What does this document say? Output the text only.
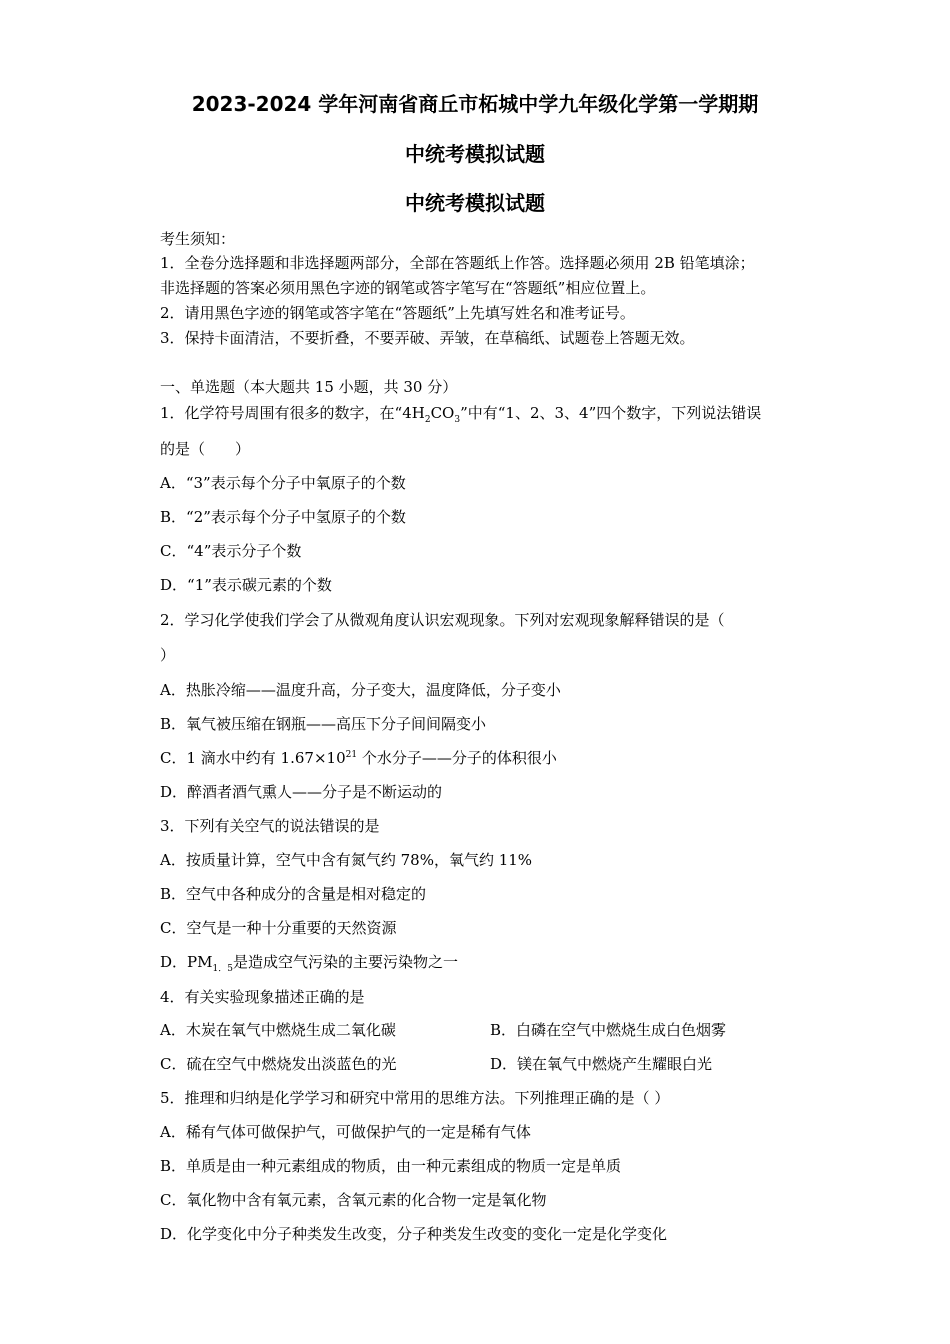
2023-2024 学年河南省商丘市柘城中学九年级化学第一学期期
中统考模拟试题
中统考模拟试题
考生须知：
1．全卷分选择题和非选择题两部分，全部在答题纸上作答。选择题必须用 2B 铅笔填涂；
非选择题的答案必须用黑色字迹的钢笔或答字笔写在“答题纸”相应位置上。
2．请用黑色字迹的钢笔或答字笔在“答题纸”上先填写姓名和准考证号。
3．保持卡面清洁，不要折叠，不要弄破、弄皱，在草稿纸、试题卷上答题无效。
一、单选题（本大题共 15 小题，共 30 分）
1．化学符号周围有很多的数字，在“$4H_2CO_3$”中有“1、2、3、4”四个数字，下列说法错误
的是（　　）
A．“3”表示每个分子中氧原子的个数
B．“2”表示每个分子中氢原子的个数
C．“4”表示分子个数
D．“1”表示碳元素的个数
2．学习化学使我们学会了从微观角度认识宏观现象。下列对宏观现象解释错误的是（
）
A．热胀冷缩——温度升高，分子变大，温度降低，分子变小
B．氧气被压缩在钢瓶——高压下分子间间隔变小
C．1 滴水中约有 $1.67\times 10^{21}$ 个水分子——分子的体积很小
D．醉酒者酒气熏人——分子是不断运动的
3．下列有关空气的说法错误的是
A．按质量计算，空气中含有氮气约 78%，氧气约 11%
B．空气中各种成分的含量是相对稳定的
C．空气是一种十分重要的天然资源
D．$PM_{1.5}$是造成空气污染的主要污染物之一
4．有关实验现象描述正确的是
A．木炭在氧气中燃烧生成二氧化碳	B．白磷在空气中燃烧生成白色烟雾
C．硫在空气中燃烧发出淡蓝色的光	D．镁在氧气中燃烧产生耀眼白光
5．推理和归纳是化学学习和研究中常用的思维方法。下列推理正确的是（ ）
A．稀有气体可做保护气，可做保护气的一定是稀有气体
B．单质是由一种元素组成的物质，由一种元素组成的物质一定是单质
C．氧化物中含有氧元素，含氧元素的化合物一定是氧化物
D．化学变化中分子种类发生改变，分子种类发生改变的变化一定是化学变化
